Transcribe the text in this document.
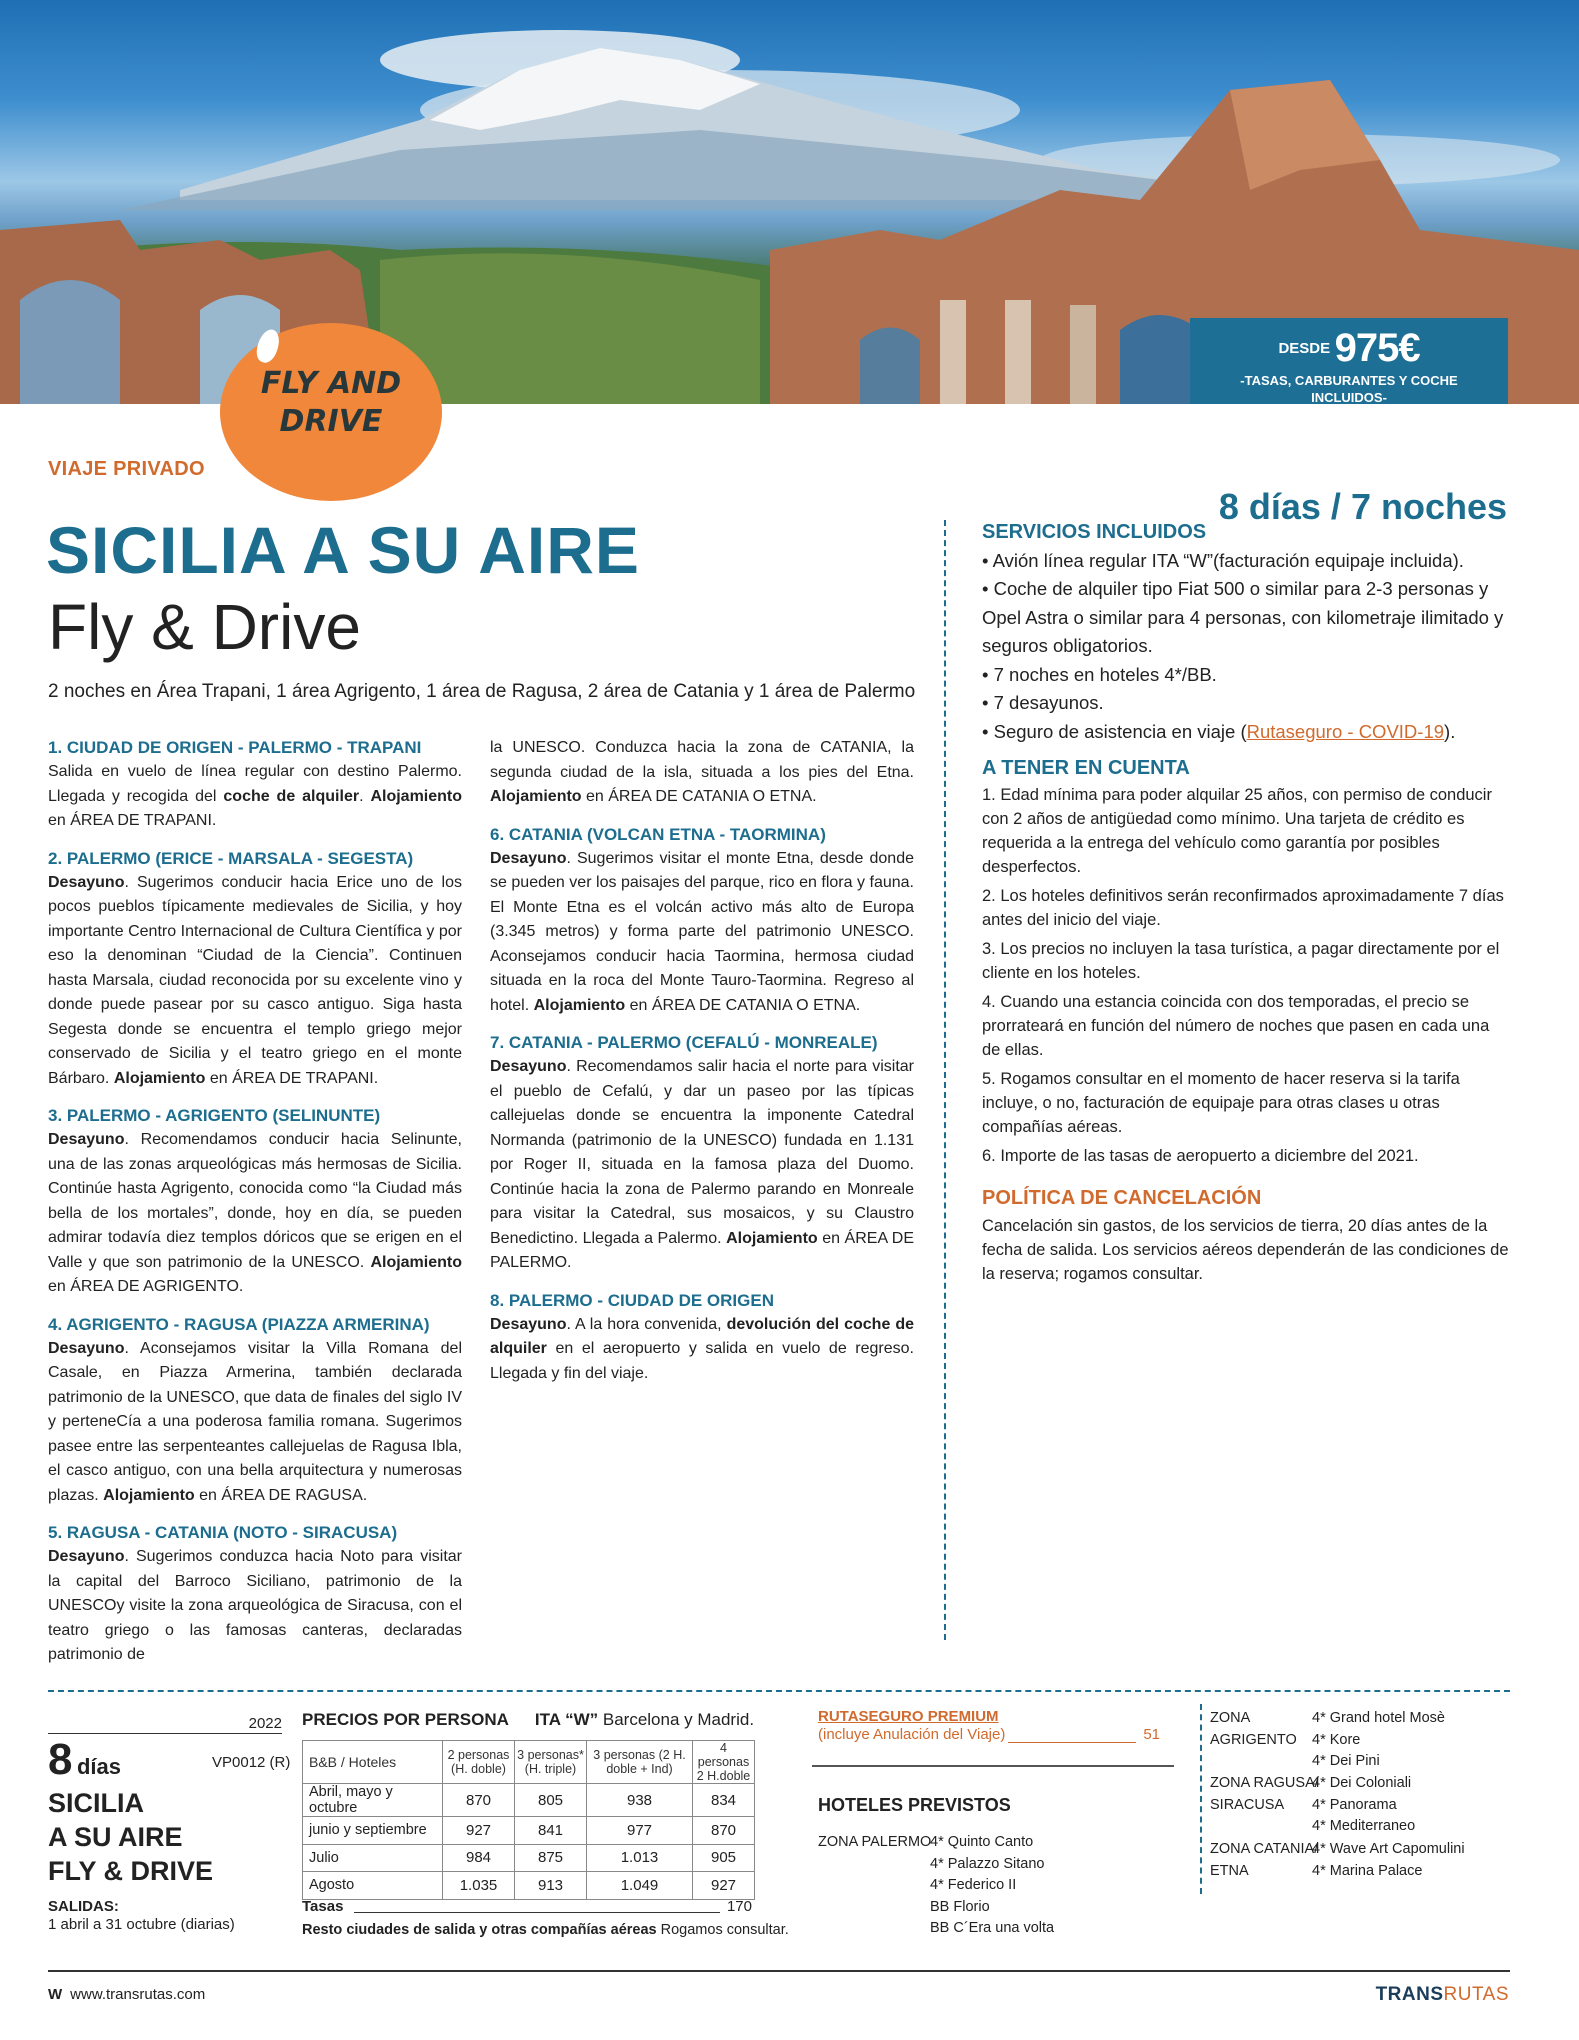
DESDE 975€
-TASAS, CARBURANTES Y COCHE
INCLUIDOS-
FLY AND
DRIVE
VIAJE PRIVADO
SICILIA A SU AIRE
Fly & Drive
2 noches en Área Trapani, 1 área Agrigento, 1 área de Ragusa, 2 área de Catania y 1 área de Palermo
8 días / 7 noches
1. CIUDAD DE ORIGEN - PALERMO - TRAPANI

Salida en vuelo de línea regular con destino Palermo. Llegada y recogida del coche de alquiler. Alojamiento en ÁREA DE TRAPANI.

2. PALERMO (ERICE - MARSALA - SEGESTA)

Desayuno. Sugerimos conducir hacia Erice uno de los pocos pueblos típicamente medievales de Sicilia, y hoy importante Centro Internacional de Cultura Científica y por eso la denominan “Ciudad de la Ciencia”. Continuen hasta Marsala, ciudad reconocida por su excelente vino y donde puede pasear por su casco antiguo. Siga hasta Segesta donde se encuentra el templo griego mejor conservado de Sicilia y el teatro griego en el monte Bárbaro. Alojamiento en ÁREA DE TRAPANI.

3. PALERMO - AGRIGENTO (SELINUNTE)

Desayuno. Recomendamos conducir hacia Selinunte, una de las zonas arqueológicas más hermosas de Sicilia. Continúe hasta Agrigento, conocida como “la Ciudad más bella de los mortales”, donde, hoy en día, se pueden admirar todavía diez templos dóricos que se erigen en el Valle y que son patrimonio de la UNESCO. Alojamiento en ÁREA DE AGRIGENTO.

4. AGRIGENTO - RAGUSA (PIAZZA ARMERINA)

Desayuno. Aconsejamos visitar la Villa Romana del Casale, en Piazza Armerina, también declarada patrimonio de la UNESCO, que data de finales del siglo IV y perteneCía a una poderosa familia romana. Sugerimos pasee entre las serpenteantes callejuelas de Ragusa Ibla, el casco antiguo, con una bella arquitectura y numerosas plazas. Alojamiento en ÁREA DE RAGUSA.

5. RAGUSA - CATANIA (NOTO - SIRACUSA)

Desayuno. Sugerimos conduzca hacia Noto para visitar la capital del Barroco Siciliano, patrimonio de la UNESCOy visite la zona arqueológica de Siracusa, con el teatro griego o las famosas canteras, declaradas patrimonio de

la UNESCO. Conduzca hacia la zona de CATANIA, la segunda ciudad de la isla, situada a los pies del Etna. Alojamiento en ÁREA DE CATANIA O ETNA.

6. CATANIA (VOLCAN ETNA - TAORMINA)

Desayuno. Sugerimos visitar el monte Etna, desde donde se pueden ver los paisajes del parque, rico en flora y fauna. El Monte Etna es el volcán activo más alto de Europa (3.345 metros) y forma parte del patrimonio UNESCO. Aconsejamos conducir hacia Taormina, hermosa ciudad situada en la roca del Monte Tauro-Taormina. Regreso al hotel. Alojamiento en ÁREA DE CATANIA O ETNA.

7. CATANIA - PALERMO (CEFALÚ - MONREALE)

Desayuno. Recomendamos salir hacia el norte para visitar el pueblo de Cefalú, y dar un paseo por las típicas callejuelas donde se encuentra la imponente Catedral Normanda (patrimonio de la UNESCO) fundada en 1.131 por Roger II, situada en la famosa plaza del Duomo. Continúe hacia la zona de Palermo parando en Monreale para visitar la Catedral, sus mosaicos, y su Claustro Benedictino. Llegada a Palermo. Alojamiento en ÁREA DE PALERMO.

8. PALERMO - CIUDAD DE ORIGEN

Desayuno. A la hora convenida, devolución del coche de alquiler en el aeropuerto y salida en vuelo de regreso. Llegada y fin del viaje.

SERVICIOS INCLUIDOS
• Avión línea regular ITA “W”(facturación equipaje incluida).
• Coche de alquiler tipo Fiat 500 o similar para 2-3 personas y Opel Astra o similar para 4 personas, con kilometraje ilimitado y seguros obligatorios.
• 7 noches en hoteles 4*/BB.
• 7 desayunos.
• Seguro de asistencia en viaje (Rutaseguro - COVID-19).
A TENER EN CUENTA

1. Edad mínima para poder alquilar 25 años, con permiso de conducir con 2 años de antigüedad como mínimo. Una tarjeta de crédito es requerida a la entrega del vehículo como garantía por posibles desperfectos.

2. Los hoteles definitivos serán reconfirmados aproximadamente 7 días antes del inicio del viaje.

3. Los precios no incluyen la tasa turística, a pagar directamente por el cliente en los hoteles.

4. Cuando una estancia coincida con dos temporadas, el precio se prorrateará en función del número de noches que pasen en cada una de ellas.

5. Rogamos consultar en el momento de hacer reserva si la tarifa incluye, o no, facturación de equipaje para otras clases u otras compañías aéreas.

6. Importe de las tasas de aeropuerto a diciembre del 2021.

POLÍTICA DE CANCELACIÓN
Cancelación sin gastos, de los servicios de tierra, 20 días antes de la fecha de salida. Los servicios aéreos dependerán de las condiciones de la reserva; rogamos consultar.
2022
8 días	VP0012 (R)
SICILIA
A SU AIRE
FLY & DRIVE
SALIDAS:
1 abril a 31 octubre (diarias)
PRECIOS POR PERSONA ITA “W” Barcelona y Madrid.
B&B / Hoteles	2 personas (H. doble)	3 personas* (H. triple)	3 personas (2 H. doble + Ind)	4 personas 2 H.doble
Abril, mayo y octubre	870	805	938	834
junio y septiembre	927	841	977	870
Julio	984	875	1.013	905
Agosto	1.035	913	1.049	927
Tasas	170
Resto ciudades de salida y otras compañías aéreas Rogamos consultar.
RUTASEGURO PREMIUM
(incluye Anulación del Viaje)	51
HOTELES PREVISTOS
ZONA PALERMO
4* Quinto Canto
4* Palazzo Sitano
4* Federico II
BB Florio
BB C´Era una volta
ZONA
AGRIGENTO
4* Grand hotel Mosè
4* Kore
4* Dei Pini
ZONA RAGUSA/
SIRACUSA
4* Dei Coloniali
4* Panorama
4* Mediterraneo
ZONA CATANIA/
ETNA
4* Wave Art Capomulini
4* Marina Palace
W www.transrutas.com	TRANSRUTAS
